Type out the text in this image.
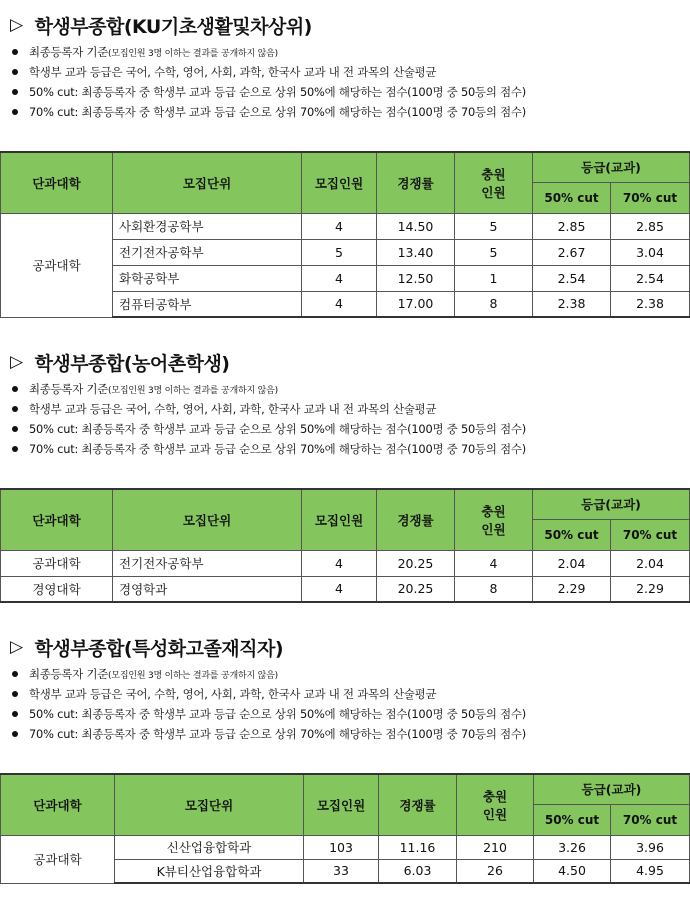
▷ 학생부종합(KU기초생활및차상위)
최종등록자 기준 (모집인원 3명 이하는 결과를 공개하지 않음)
학생부 교과 등급은 국어, 수학, 영어, 사회, 과학, 한국사 교과 내 전 과목의 산술평균
50% cut: 최종등록자 중 학생부 교과 등급 순으로 상위 50%에 해당하는 점수(100명 중 50등의 점수)
70% cut: 최종등록자 중 학생부 교과 등급 순으로 상위 70%에 해당하는 점수(100명 중 70등의 점수)
단과대학	모집단위	모집인원	경쟁률	충원
인원	등급(교과)	
					50% cut	70% cut
공과대학	사회환경공학부	4	14.50	5	2.85	2.85
	전기전자공학부	5	13.40	5	2.67	3.04
	화학공학부	4	12.50	1	2.54	2.54
	컴퓨터공학부	4	17.00	8	2.38	2.38
▷ 학생부종합(농어촌학생)
최종등록자 기준 (모집인원 3명 이하는 결과를 공개하지 않음)
학생부 교과 등급은 국어, 수학, 영어, 사회, 과학, 한국사 교과 내 전 과목의 산술평균
50% cut: 최종등록자 중 학생부 교과 등급 순으로 상위 50%에 해당하는 점수(100명 중 50등의 점수)
70% cut: 최종등록자 중 학생부 교과 등급 순으로 상위 70%에 해당하는 점수(100명 중 70등의 점수)
단과대학	모집단위	모집인원	경쟁률	충원
인원	등급(교과)	
					50% cut	70% cut
공과대학	전기전자공학부	4	20.25	4	2.04	2.04
경영대학	경영학과	4	20.25	8	2.29	2.29
▷ 학생부종합(특성화고졸재직자)
최종등록자 기준 (모집인원 3명 이하는 결과를 공개하지 않음)
학생부 교과 등급은 국어, 수학, 영어, 사회, 과학, 한국사 교과 내 전 과목의 산술평균
50% cut: 최종등록자 중 학생부 교과 등급 순으로 상위 50%에 해당하는 점수(100명 중 50등의 점수)
70% cut: 최종등록자 중 학생부 교과 등급 순으로 상위 70%에 해당하는 점수(100명 중 70등의 점수)
단과대학	모집단위	모집인원	경쟁률	충원
인원	등급(교과)	
					50% cut	70% cut
공과대학	신산업융합학과	103	11.16	210	3.26	3.96
	K뷰티산업융합학과	33	6.03	26	4.50	4.95
